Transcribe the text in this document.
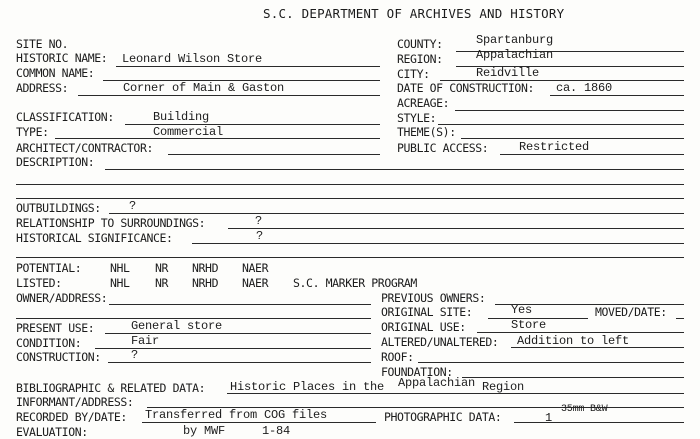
S.C. DEPARTMENT OF ARCHIVES AND HISTORY
SITE NO.
HISTORIC NAME: Leonard Wilson Store
COMMON NAME:
ADDRESS:	Corner of Main & Gaston
COUNTY:	Spartanburg
REGION:	Appalachian
CITY:	Reidville
DATE OF CONSTRUCTION: ca. 1860
ACREAGE:
CLASSIFICATION:	Building
TYPE:	Commercial
ARCHITECT/CONTRACTOR:
DESCRIPTION:
STYLE:
THEME(S):
PUBLIC ACCESS:	Restricted
OUTBUILDINGS: ?
RELATIONSHIP TO SURROUNDINGS:	?
HISTORICAL SIGNIFICANCE:	?
POTENTIAL:	NHL NR NRHD NAER
LISTED:	NHL NR NRHD NAER S.C. MARKER PROGRAM
OWNER/ADDRESS:	PREVIOUS OWNERS:
ORIGINAL SITE:	Yes	MOVED/DATE:
PRESENT USE:	General store	ORIGINAL USE:	Store
CONDITION:	Fair	ALTERED/UNALTERED: Addition to left
CONSTRUCTION:	?	ROOF:
FOUNDATION:
BIBLIOGRAPHIC & RELATED DATA: Historic Places in the Appalachian Region
INFORMANT/ADDRESS:
RECORDED BY/DATE: Transferred from COG files	PHOTOGRAPHIC DATA:	1
35mm B&W
EVALUATION:	by MWF	1-84
